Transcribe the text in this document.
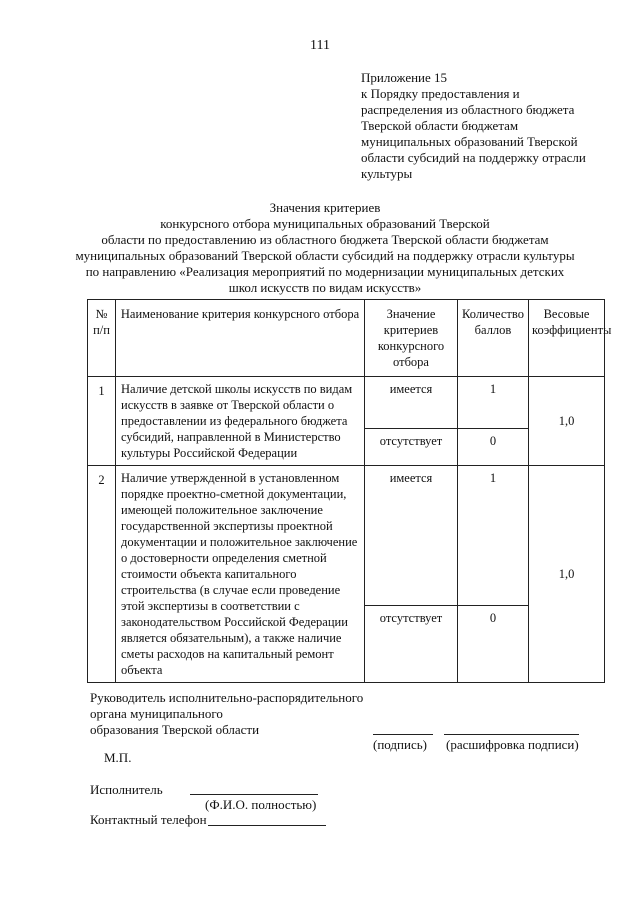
111
Приложение 15
к Порядку предоставления и
распределения из областного бюджета
Тверской области бюджетам
муниципальных образований Тверской
области субсидий на поддержку отрасли
культуры
Значения критериев
конкурсного отбора муниципальных образований Тверской
области по предоставлению из областного бюджета Тверской области бюджетам
муниципальных образований Тверской области субсидий на поддержку отрасли культуры
по направлению «Реализация мероприятий по модернизации муниципальных детских
школ искусств по видам искусств»
№ п/п	Наименование критерия конкурсного отбора	Значение критериев конкурсного отбора	Количество баллов	Весовые коэффициенты
1	Наличие детской школы искусств по видам искусств в заявке от Тверской области о предоставлении из федерального бюджета субсидий, направленной в Министерство культуры Российской Федерации	имеется	1	1,0
		отсутствует	0	
2	Наличие утвержденной в установленном порядке проектно-сметной документации, имеющей положительное заключение государственной экспертизы проектной документации и положительное заключение о достоверности определения сметной стоимости объекта капитального строительства (в случае если проведение этой экспертизы в соответствии с законодательством Российской Федерации является обязательным), а также наличие сметы расходов на капитальный ремонт объекта	имеется	1	1,0
		отсутствует	0	
Руководитель исполнительно-распорядительного
органа муниципального
образования Тверской области
(подпись) (расшифровка подписи)
М.П.
Исполнитель
(Ф.И.О. полностью)
Контактный телефон
